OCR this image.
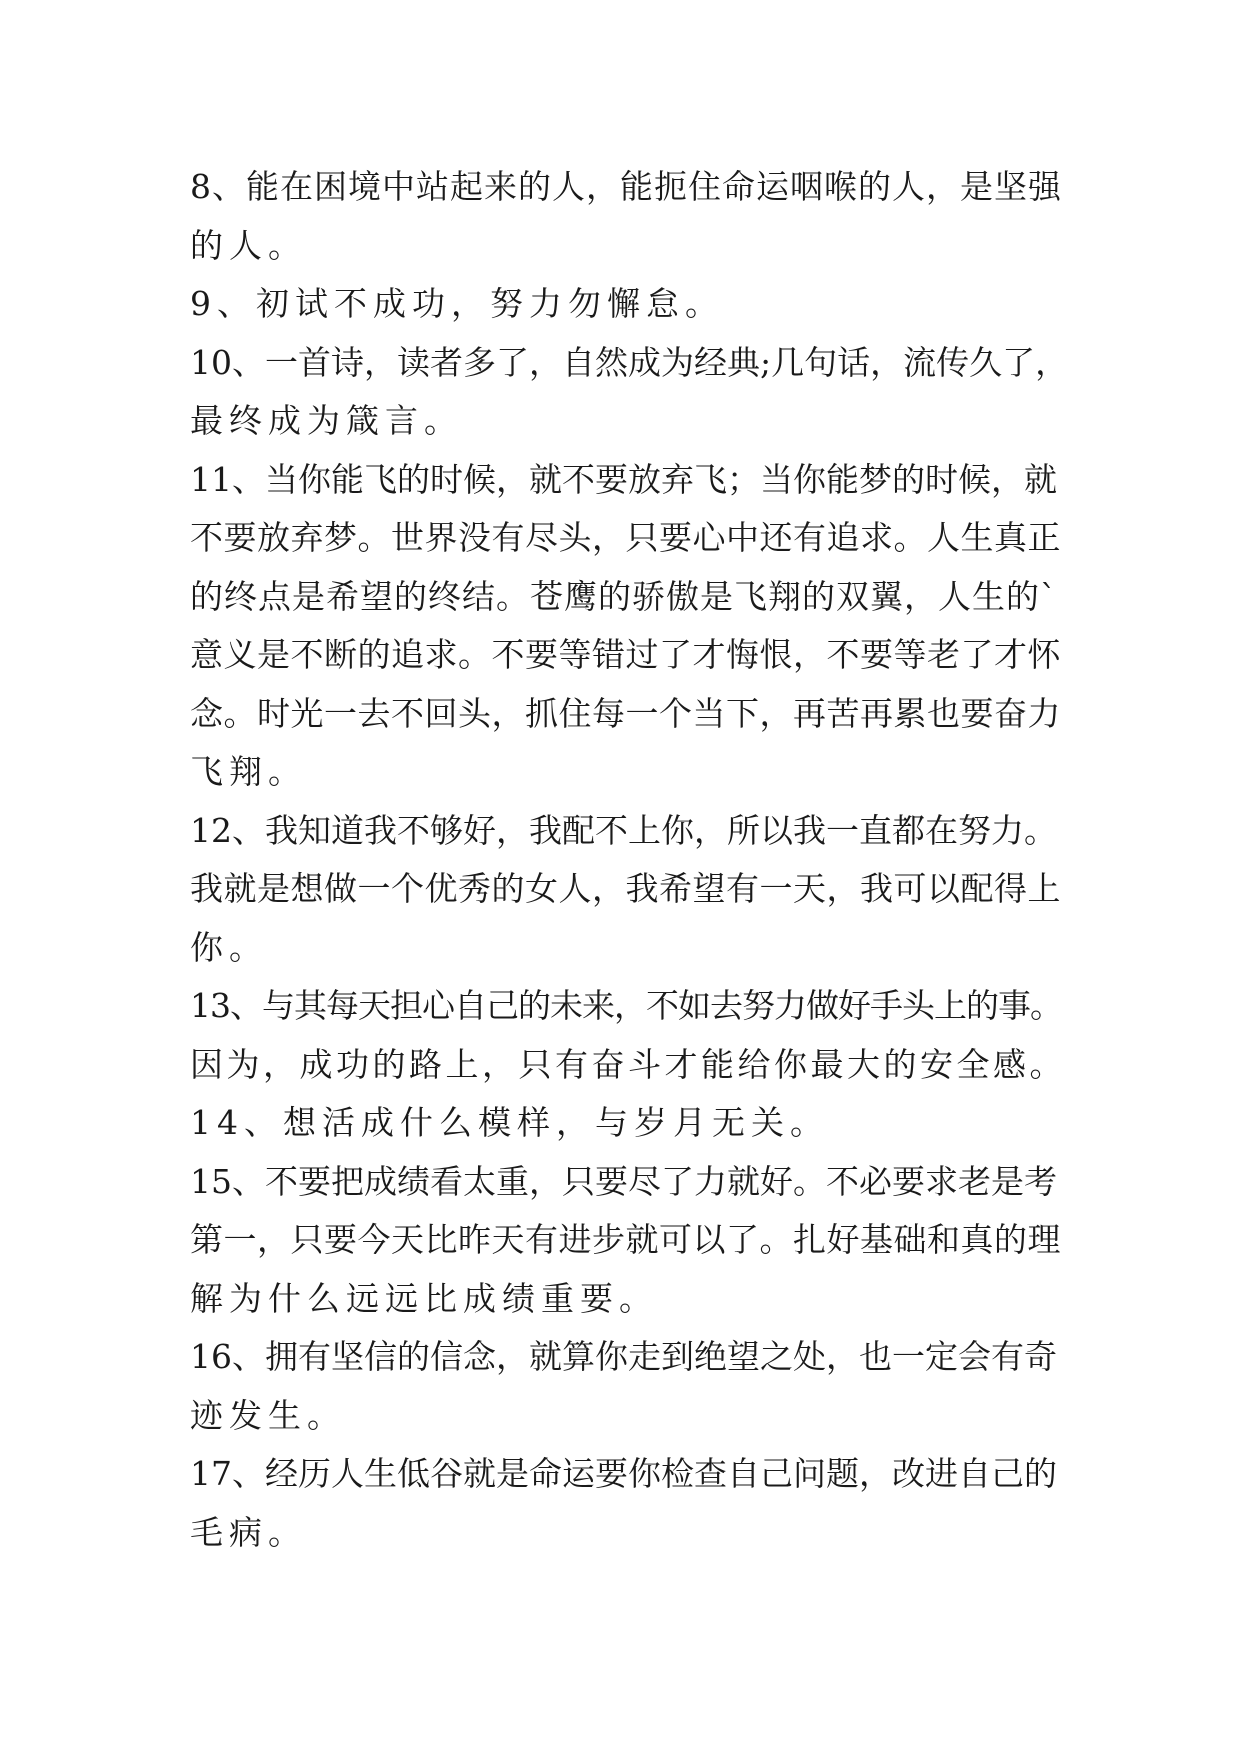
8、能在困境中站起来的人，能扼住命运咽喉的人，是坚强
的人。
9、初试不成功，努力勿懈怠。
10、一首诗，读者多了，自然成为经典;几句话，流传久了，
最终成为箴言。
11、当你能飞的时候，就不要放弃飞；当你能梦的时候，就
不要放弃梦。世界没有尽头，只要心中还有追求。人生真正
的终点是希望的终结。苍鹰的骄傲是飞翔的双翼，人生的`
意义是不断的追求。不要等错过了才悔恨，不要等老了才怀
念。时光一去不回头，抓住每一个当下，再苦再累也要奋力
飞翔。
12、我知道我不够好，我配不上你，所以我一直都在努力。
我就是想做一个优秀的女人，我希望有一天，我可以配得上
你。
13、与其每天担心自己的未来，不如去努力做好手头上的事。
因为，成功的路上，只有奋斗才能给你最大的安全感。
14、想活成什么模样，与岁月无关。
15、不要把成绩看太重，只要尽了力就好。不必要求老是考
第一，只要今天比昨天有进步就可以了。扎好基础和真的理
解为什么远远比成绩重要。
16、拥有坚信的信念，就算你走到绝望之处，也一定会有奇
迹发生。
17、经历人生低谷就是命运要你检查自己问题，改进自己的
毛病。
